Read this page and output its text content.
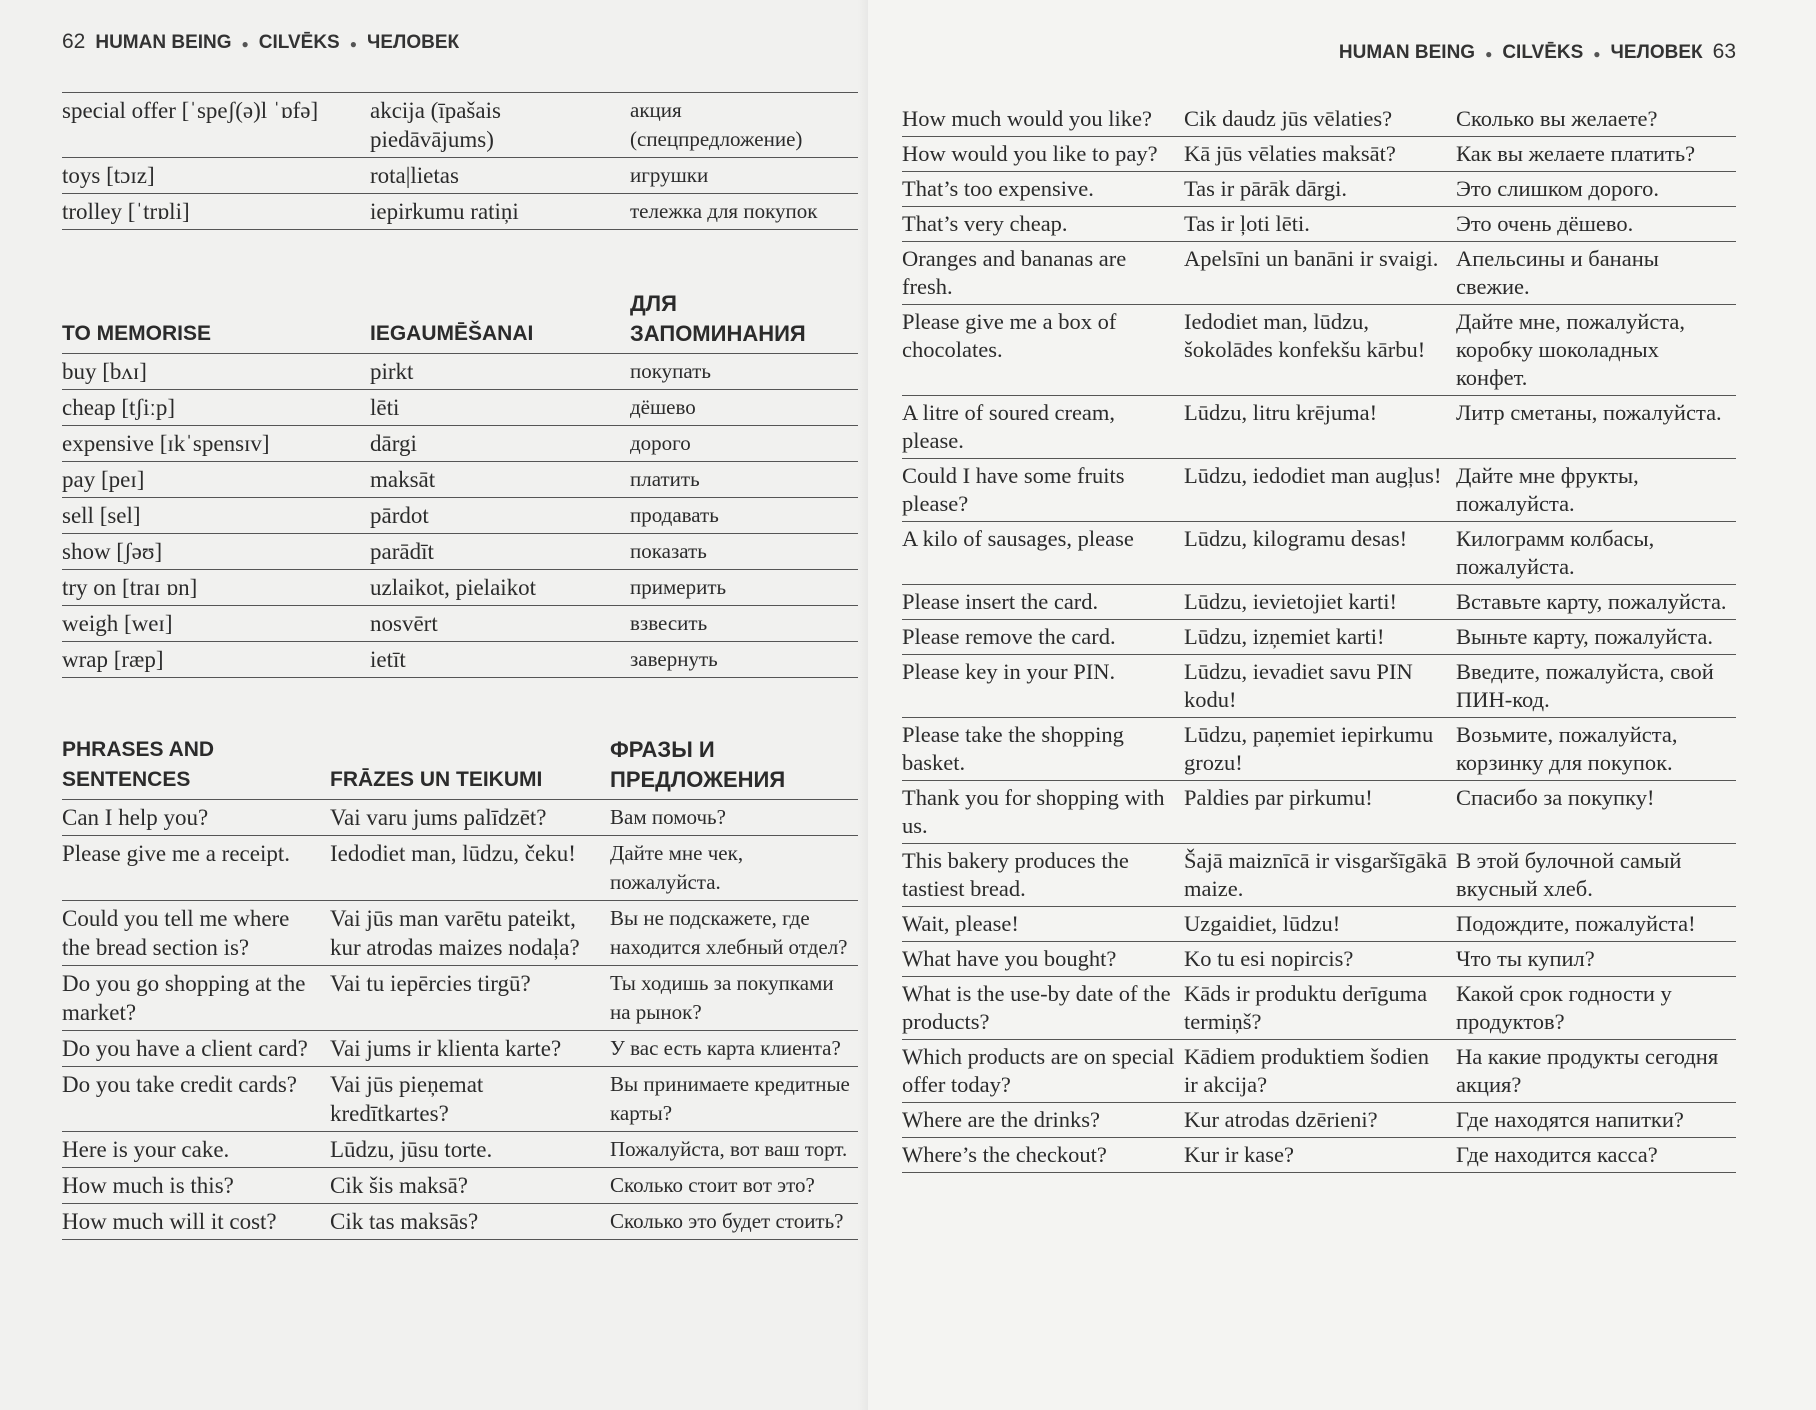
62 HUMAN BEING ● CILVĒKS ● ЧЕЛОВЕК
special offer [ˈspeʃ(ə)l ˈɒfə]	akcija (īpašais piedāvājums)	акция (спецпредложение)
toys [tɔɪz]	rota|lietas	игрушки
trolley [ˈtrɒli]	iepirkumu ratiņi	тележка для покупок
TO MEMORISE	IEGAUMĒŠANAI	ДЛЯ ЗАПОМИНАНИЯ
buy [bʌɪ]	pirkt	покупать
cheap [tʃiːp]	lēti	дёшево
expensive [ɪkˈspensɪv]	dārgi	дорого
pay [peɪ]	maksāt	платить
sell [sel]	pārdot	продавать
show [ʃəʊ]	parādīt	показать
try on [traɪ ɒn]	uzlaikot, pielaikot	примерить
weigh [weɪ]	nosvērt	взвесить
wrap [ræp]	ietīt	завернуть
PHRASES AND SENTENCES	FRĀZES UN TEIKUMI	ФРАЗЫ И ПРЕДЛОЖЕНИЯ
Can I help you?	Vai varu jums palīdzēt?	Вам помочь?
Please give me a receipt.	Iedodiet man, lūdzu, čeku!	Дайте мне чек, пожалуйста.
Could you tell me where the bread section is?	Vai jūs man varētu pateikt, kur atrodas maizes nodaļa?	Вы не подскажете, где находится хлебный отдел?
Do you go shopping at the market?	Vai tu iepērcies tirgū?	Ты ходишь за покупками на рынок?
Do you have a client card?	Vai jums ir klienta karte?	У вас есть карта клиента?
Do you take credit cards?	Vai jūs pieņemat kredītkartes?	Вы принимаете кредитные карты?
Here is your cake.	Lūdzu, jūsu torte.	Пожалуйста, вот ваш торт.
How much is this?	Cik šis maksā?	Сколько стоит вот это?
How much will it cost?	Cik tas maksās?	Сколько это будет стоить?
HUMAN BEING ● CILVĒKS ● ЧЕЛОВЕК 63
How much would you like?	Cik daudz jūs vēlaties?	Сколько вы желаете?
How would you like to pay?	Kā jūs vēlaties maksāt?	Как вы желаете платить?
That’s too expensive.	Tas ir pārāk dārgi.	Это слишком дорого.
That’s very cheap.	Tas ir ļoti lēti.	Это очень дёшево.
Oranges and bananas are fresh.	Apelsīni un banāni ir svaigi.	Апельсины и бананы свежие.
Please give me a box of chocolates.	Iedodiet man, lūdzu, šokolādes konfekšu kārbu!	Дайте мне, пожалуйста, коробку шоколадных конфет.
A litre of soured cream, please.	Lūdzu, litru krējuma!	Литр сметаны, пожалуйста.
Could I have some fruits please?	Lūdzu, iedodiet man augļus!	Дайте мне фрукты, пожалуйста.
A kilo of sausages, please	Lūdzu, kilogramu desas!	Килограмм колбасы, пожалуйста.
Please insert the card.	Lūdzu, ievietojiet karti!	Вставьте карту, пожалуйста.
Please remove the card.	Lūdzu, izņemiet karti!	Выньте карту, пожалуйста.
Please key in your PIN.	Lūdzu, ievadiet savu PIN kodu!	Введите, пожалуйста, свой ПИН-код.
Please take the shopping basket.	Lūdzu, paņemiet iepirkumu grozu!	Возьмите, пожалуйста, корзинку для покупок.
Thank you for shopping with us.	Paldies par pirkumu!	Спасибо за покупку!
This bakery produces the tastiest bread.	Šajā maiznīcā ir visgaršīgākā maize.	В этой булочной самый вкусный хлеб.
Wait, please!	Uzgaidiet, lūdzu!	Подождите, пожалуйста!
What have you bought?	Ko tu esi nopircis?	Что ты купил?
What is the use-by date of the products?	Kāds ir produktu derīguma termiņš?	Какой срок годности у продуктов?
Which products are on special offer today?	Kādiem produktiem šodien ir akcija?	На какие продукты сегодня акция?
Where are the drinks?	Kur atrodas dzērieni?	Где находятся напитки?
Where’s the checkout?	Kur ir kase?	Где находится касса?
